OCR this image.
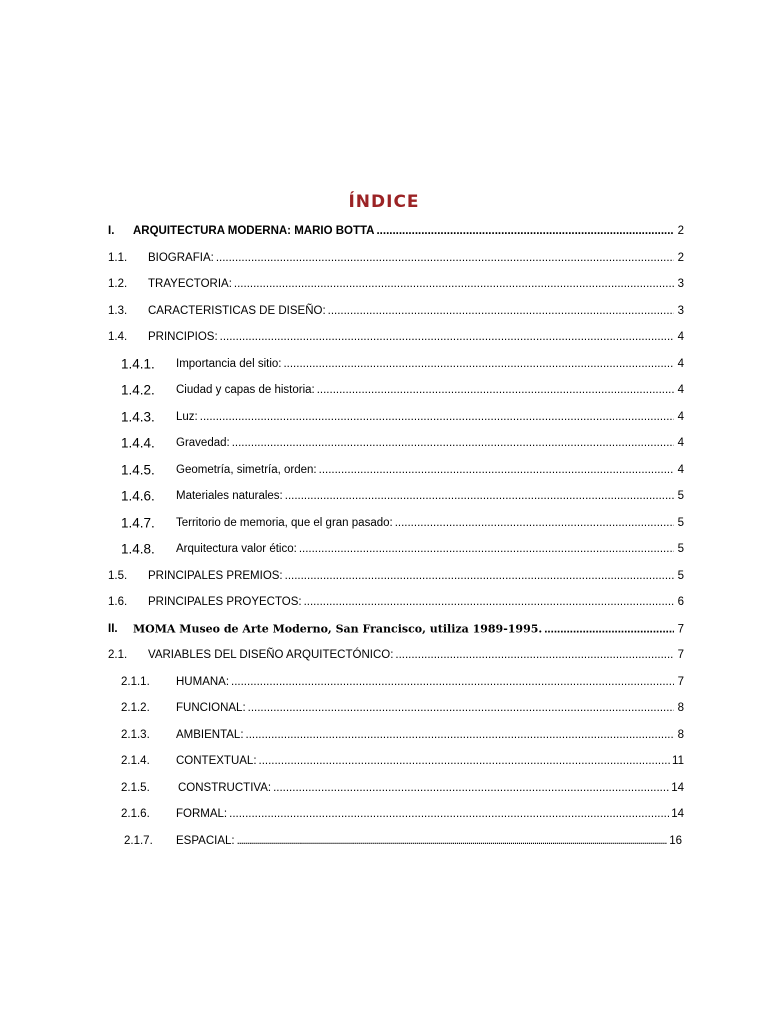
ÍNDICE
I. ARQUITECTURA MODERNA: MARIO BOTTA .....	2
1.1. BIOGRAFIA: .....	2
1.2. TRAYECTORIA: .....	3
1.3. CARACTERISTICAS DE DISEÑO: .....	3
1.4. PRINCIPIOS: .....	4
1.4.1. Importancia del sitio: .....	4
1.4.2. Ciudad y capas de historia: .....	4
1.4.3. Luz: .....	4
1.4.4. Gravedad: .....	4
1.4.5. Geometría, simetría, orden: .....	4
1.4.6. Materiales naturales: .....	5
1.4.7. Territorio de memoria, que el gran pasado: .....	5
1.4.8. Arquitectura valor ético: .....	5
1.5. PRINCIPALES PREMIOS: .....	5
1.6. PRINCIPALES PROYECTOS: .....	6
II. MOMA Museo de Arte Moderno, San Francisco, utiliza 1989-1995. .....	7
2.1. VARIABLES DEL DISEÑO ARQUITECTÓNICO: .....	7
2.1.1. HUMANA: .....	7
2.1.2. FUNCIONAL: .....	8
2.1.3. AMBIENTAL: .....	8
2.1.4. CONTEXTUAL: .....	11
2.1.5. CONSTRUCTIVA: .....	14
2.1.6. FORMAL: .....	14
2.1.7. ESPACIAL: .....	16
